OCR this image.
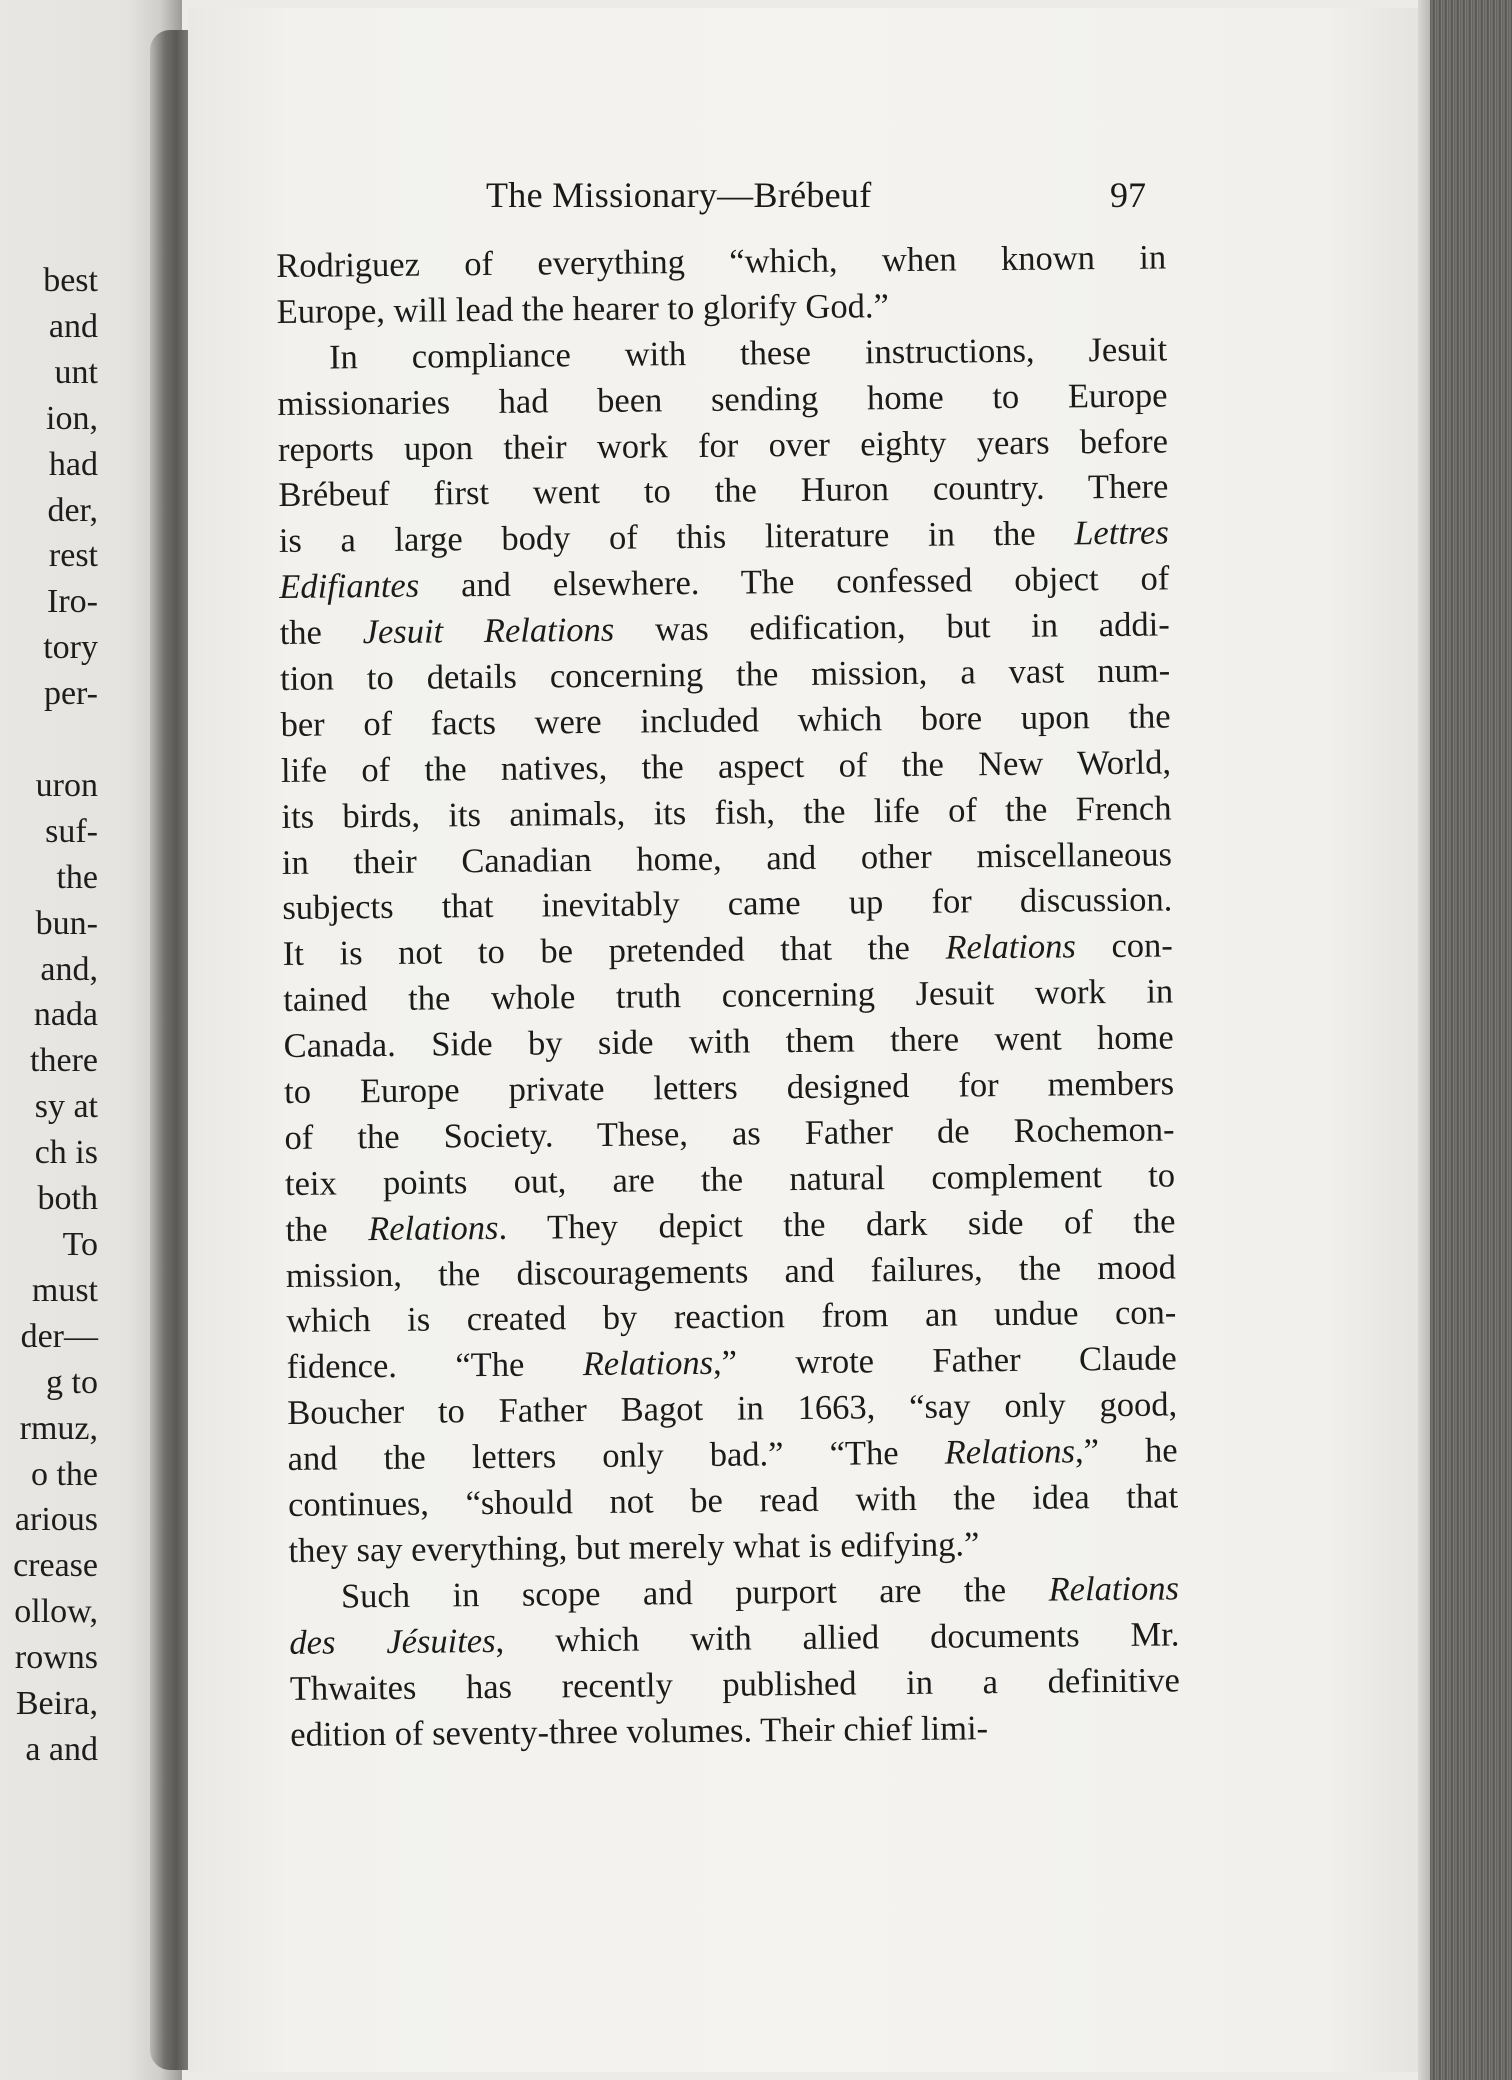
best
and
unt
ion,
had
der,
rest
Iro-
tory
per-
uron
suf-
the
bun-
and,
nada
there
sy at
ch is
both
To
must
der—
g to
rmuz,
o the
arious
crease
ollow,
rowns
Beira,
a and
The Missionary—Brébeuf	97
Rodriguez of everything “which, when known in
Europe, will lead the hearer to glorify God.”
In compliance with these instructions, Jesuit
missionaries had been sending home to Europe
reports upon their work for over eighty years before
Brébeuf first went to the Huron country. There
is a large body of this literature in the Lettres
Edifiantes and elsewhere. The confessed object of
the Jesuit Relations was edification, but in addi-
tion to details concerning the mission, a vast num-
ber of facts were included which bore upon the
life of the natives, the aspect of the New World,
its birds, its animals, its fish, the life of the French
in their Canadian home, and other miscellaneous
subjects that inevitably came up for discussion.
It is not to be pretended that the Relations con-
tained the whole truth concerning Jesuit work in
Canada. Side by side with them there went home
to Europe private letters designed for members
of the Society. These, as Father de Rochemon-
teix points out, are the natural complement to
the Relations. They depict the dark side of the
mission, the discouragements and failures, the mood
which is created by reaction from an undue con-
fidence. “The Relations,” wrote Father Claude
Boucher to Father Bagot in 1663, “say only good,
and the letters only bad.” “The Relations,” he
continues, “should not be read with the idea that
they say everything, but merely what is edifying.”
Such in scope and purport are the Relations
des Jésuites, which with allied documents Mr.
Thwaites has recently published in a definitive
edition of seventy-three volumes. Their chief limi-
